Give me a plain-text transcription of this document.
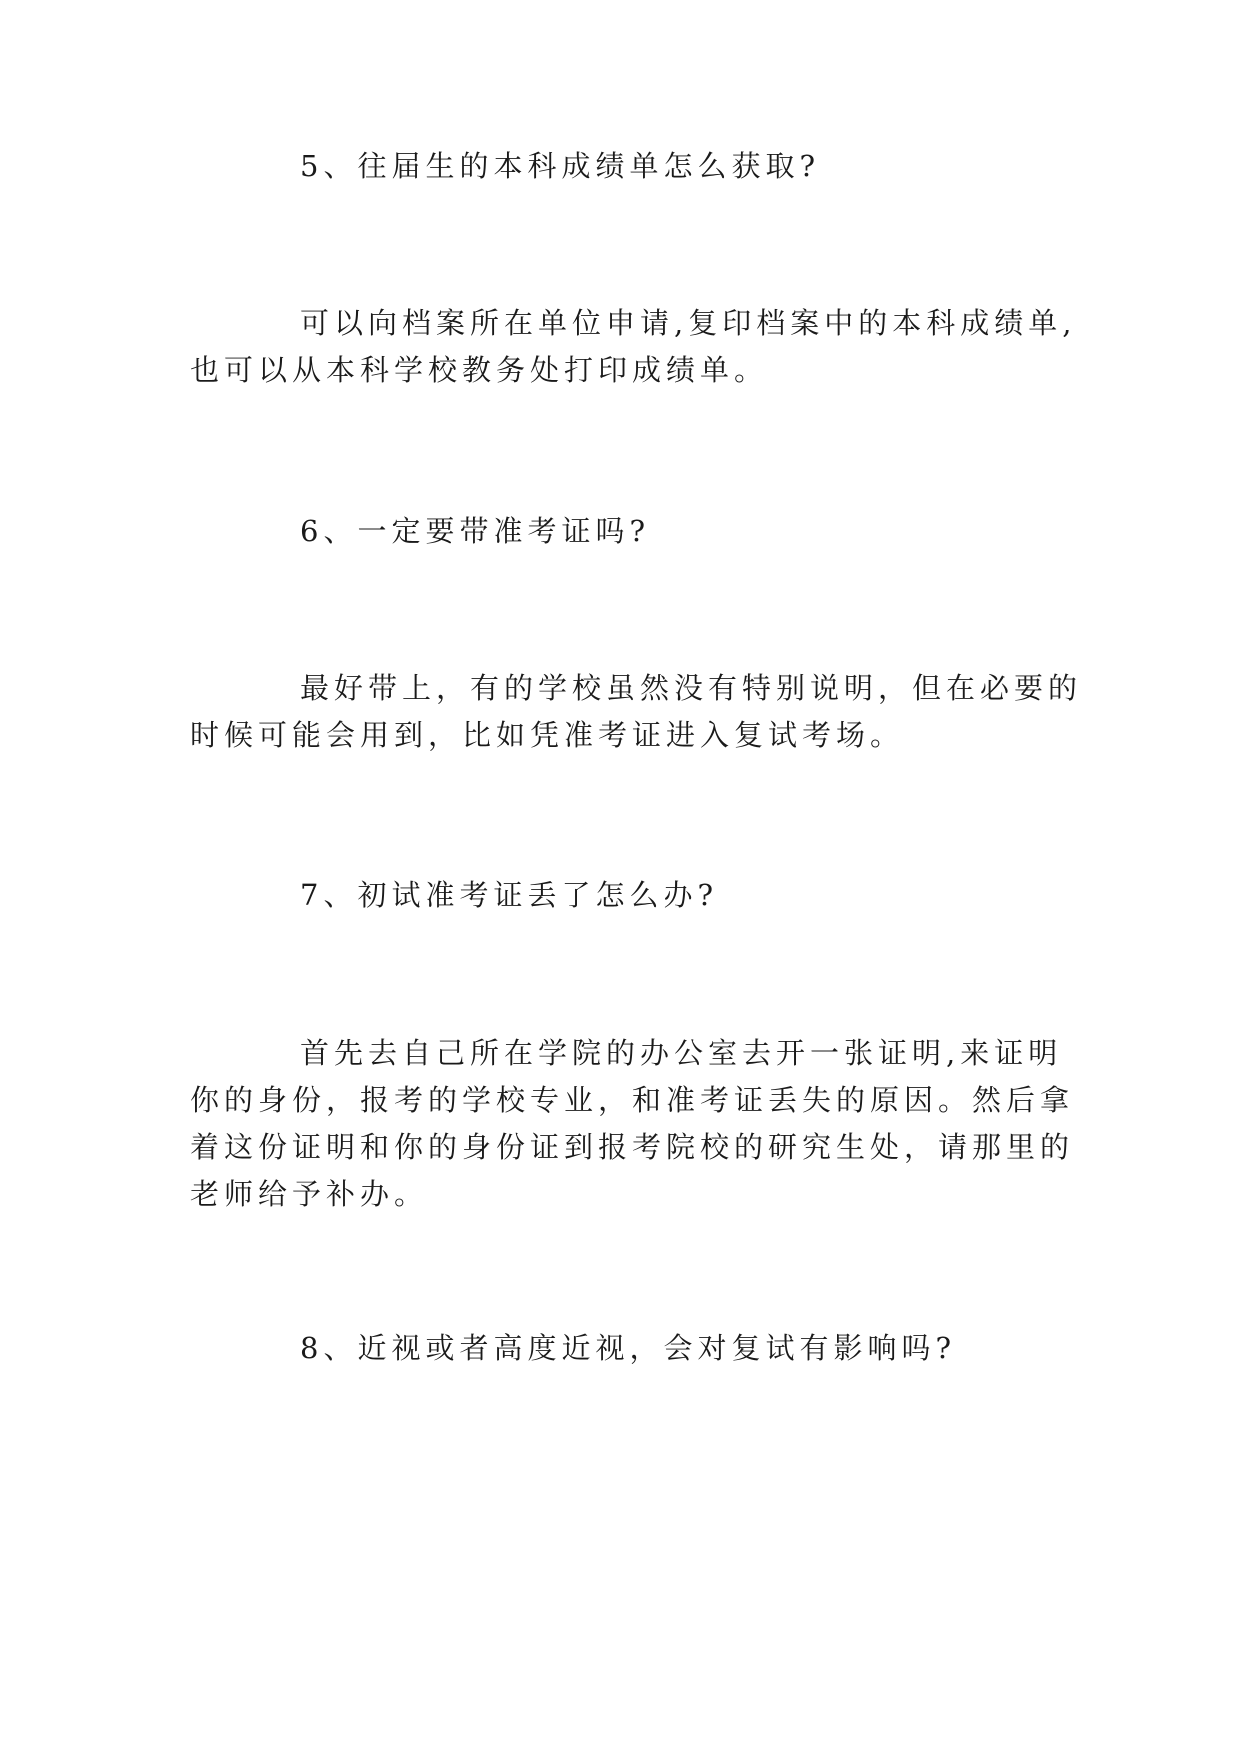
5、往届生的本科成绩单怎么获取?
可以向档案所在单位申请,复印档案中的本科成绩单,
也可以从本科学校教务处打印成绩单。
6、一定要带准考证吗?
最好带上，有的学校虽然没有特别说明，但在必要的
时候可能会用到，比如凭准考证进入复试考场。
7、初试准考证丢了怎么办?
首先去自己所在学院的办公室去开一张证明,来证明
你的身份，报考的学校专业，和准考证丢失的原因。然后拿
着这份证明和你的身份证到报考院校的研究生处，请那里的
老师给予补办。
8、近视或者高度近视，会对复试有影响吗?
